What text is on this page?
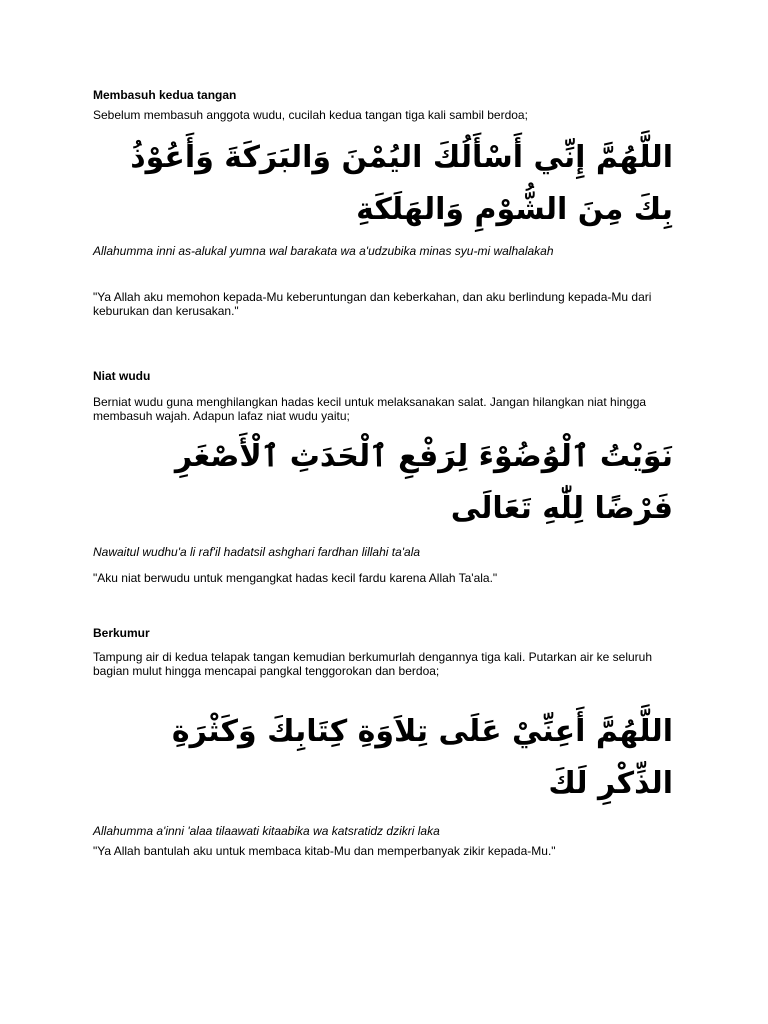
Membasuh kedua tangan

Sebelum membasuh anggota wudu, cucilah kedua tangan tiga kali sambil berdoa;

اللَّهُمَّ إِنِّي أَسْأَلُكَ اليُمْنَ وَالبَرَكَةَ وَأَعُوْذُ بِكَ مِنَ الشُّوْمِ وَالهَلَكَةِ

Allahumma inni as-alukal yumna wal barakata wa a'udzubika minas syu-mi walhalakah

"Ya Allah aku memohon kepada-Mu keberuntungan dan keberkahan, dan aku berlindung kepada-Mu dari keburukan dan kerusakan."

Niat wudu

Berniat wudu guna menghilangkan hadas kecil untuk melaksanakan salat. Jangan hilangkan niat hingga membasuh wajah. Adapun lafaz niat wudu yaitu;

نَوَيْتُ ٱلْوُضُوْءَ لِرَفْعِ ٱلْحَدَثِ ٱلْأَصْغَرِ فَرْضًا لِلّٰهِ تَعَالَى

Nawaitul wudhu'a li raf'il hadatsil ashghari fardhan lillahi ta'ala

"Aku niat berwudu untuk mengangkat hadas kecil fardu karena Allah Ta'ala."

Berkumur

Tampung air di kedua telapak tangan kemudian berkumurlah dengannya tiga kali. Putarkan air ke seluruh bagian mulut hingga mencapai pangkal tenggorokan dan berdoa;

اللَّهُمَّ أَعِنِّيْ عَلَى تِلاَوَةِ كِتَابِكَ وَكَثْرَةِ الذِّكْرِ لَكَ

Allahumma a'inni 'alaa tilaawati kitaabika wa katsratidz dzikri laka

"Ya Allah bantulah aku untuk membaca kitab-Mu dan memperbanyak zikir kepada-Mu."
